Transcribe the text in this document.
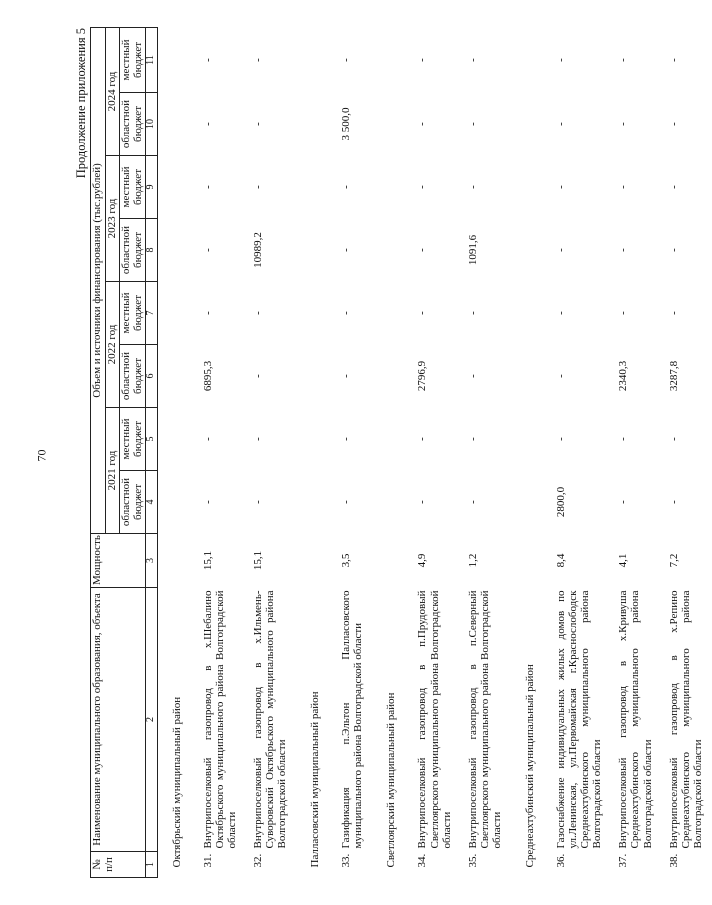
70
Продолжение приложения 5
№ п/п	Наименование муниципального образования, объекта	Мощность	Объем и источники финансирования (тыс.рублей)							
			2021 год		2022 год		2023 год		2024 год	
			областной бюджет	местный бюджет	областной бюджет	местный бюджет	областной бюджет	местный бюджет	областной бюджет	местный бюджет
1	2	3	4	5	6	7	8	9	10	11
Октябрьский муниципальный район										
31.	Внутрипоселковый газопровод в х.Шебалино Октябрьского муниципального района Волгоградской области	15,1	-	-	6895,3	-	-	-	-	-
32.	Внутрипоселковый газопровод в х.Ильмень-Суворовский Октябрьского муниципального района Волгоградской области	15,1	-	-	-	-	10989,2	-	-	-
Палласовский муниципальный район										
33.	Газификация п.Эльтон Палласовского муниципального района Волгоградской области	3,5	-	-	-	-	-	-	3 500,0	-
Светлоярский муниципальный район										
34.	Внутрипоселковый газопровод в п.Прудовый Светлоярского муниципального района Волгоградской области	4,9	-	-	2796,9	-	-	-	-	-
35.	Внутрипоселковый газопровод в п.Северный Светлоярского муниципального района Волгоградской области	1,2	-	-	-	-	1091,6	-	-	-
Среднеахтубинский муниципальный район										
36.	Газоснабжение индивидуальных жилых домов по ул.Ленинская, ул.Первомайская г.Краснослободск Среднеахтубинского муниципального района Волгоградской области	8,4	2800,0	-	-	-	-	-	-	-
37.	Внутрипоселковый газопровод в х.Кривуша Среднеахтубинского муниципального района Волгоградской области	4,1	-	-	2340,3	-	-	-	-	-
38.	Внутрипоселковый газопровод в х.Репино Среднеахтубинского муниципального района Волгоградской области	7,2	-	-	3287,8	-	-	-	-	-
